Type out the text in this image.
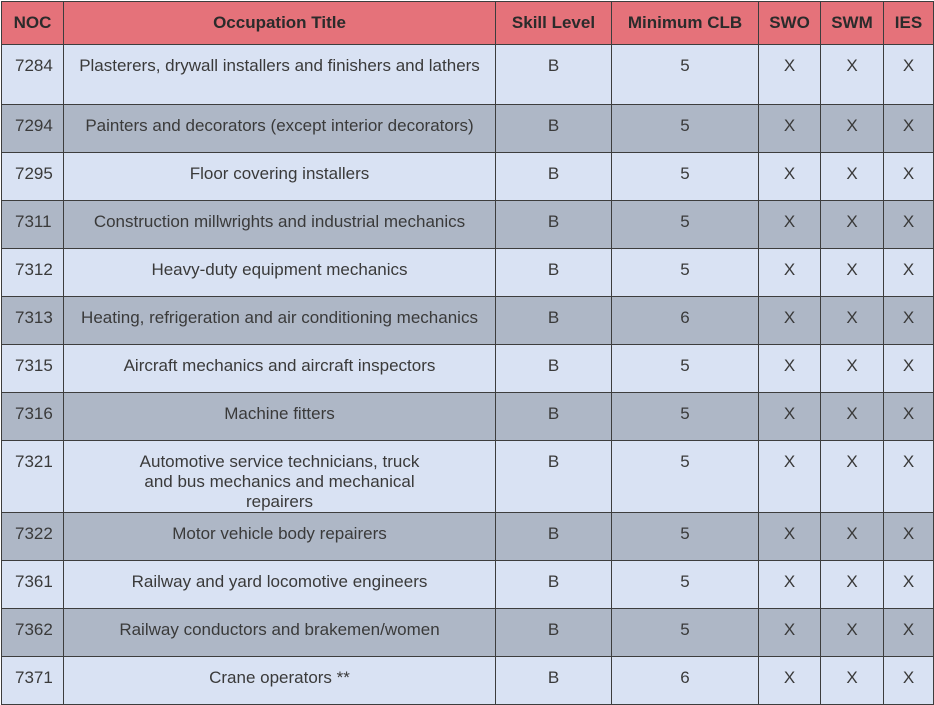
NOC	Occupation Title	Skill Level	Minimum CLB	SWO	SWM	IES
7284	Plasterers, drywall installers and finishers and lathers	B	5	X	X	X
7294	Painters and decorators (except interior decorators)	B	5	X	X	X
7295	Floor covering installers	B	5	X	X	X
7311	Construction millwrights and industrial mechanics	B	5	X	X	X
7312	Heavy-duty equipment mechanics	B	5	X	X	X
7313	Heating, refrigeration and air conditioning mechanics	B	6	X	X	X
7315	Aircraft mechanics and aircraft inspectors	B	5	X	X	X
7316	Machine fitters	B	5	X	X	X
7321	Automotive service technicians, truck and bus mechanics and mechanical repairers	B	5	X	X	X
7322	Motor vehicle body repairers	B	5	X	X	X
7361	Railway and yard locomotive engineers	B	5	X	X	X
7362	Railway conductors and brakemen/women	B	5	X	X	X
7371	Crane operators **	B	6	X	X	X
